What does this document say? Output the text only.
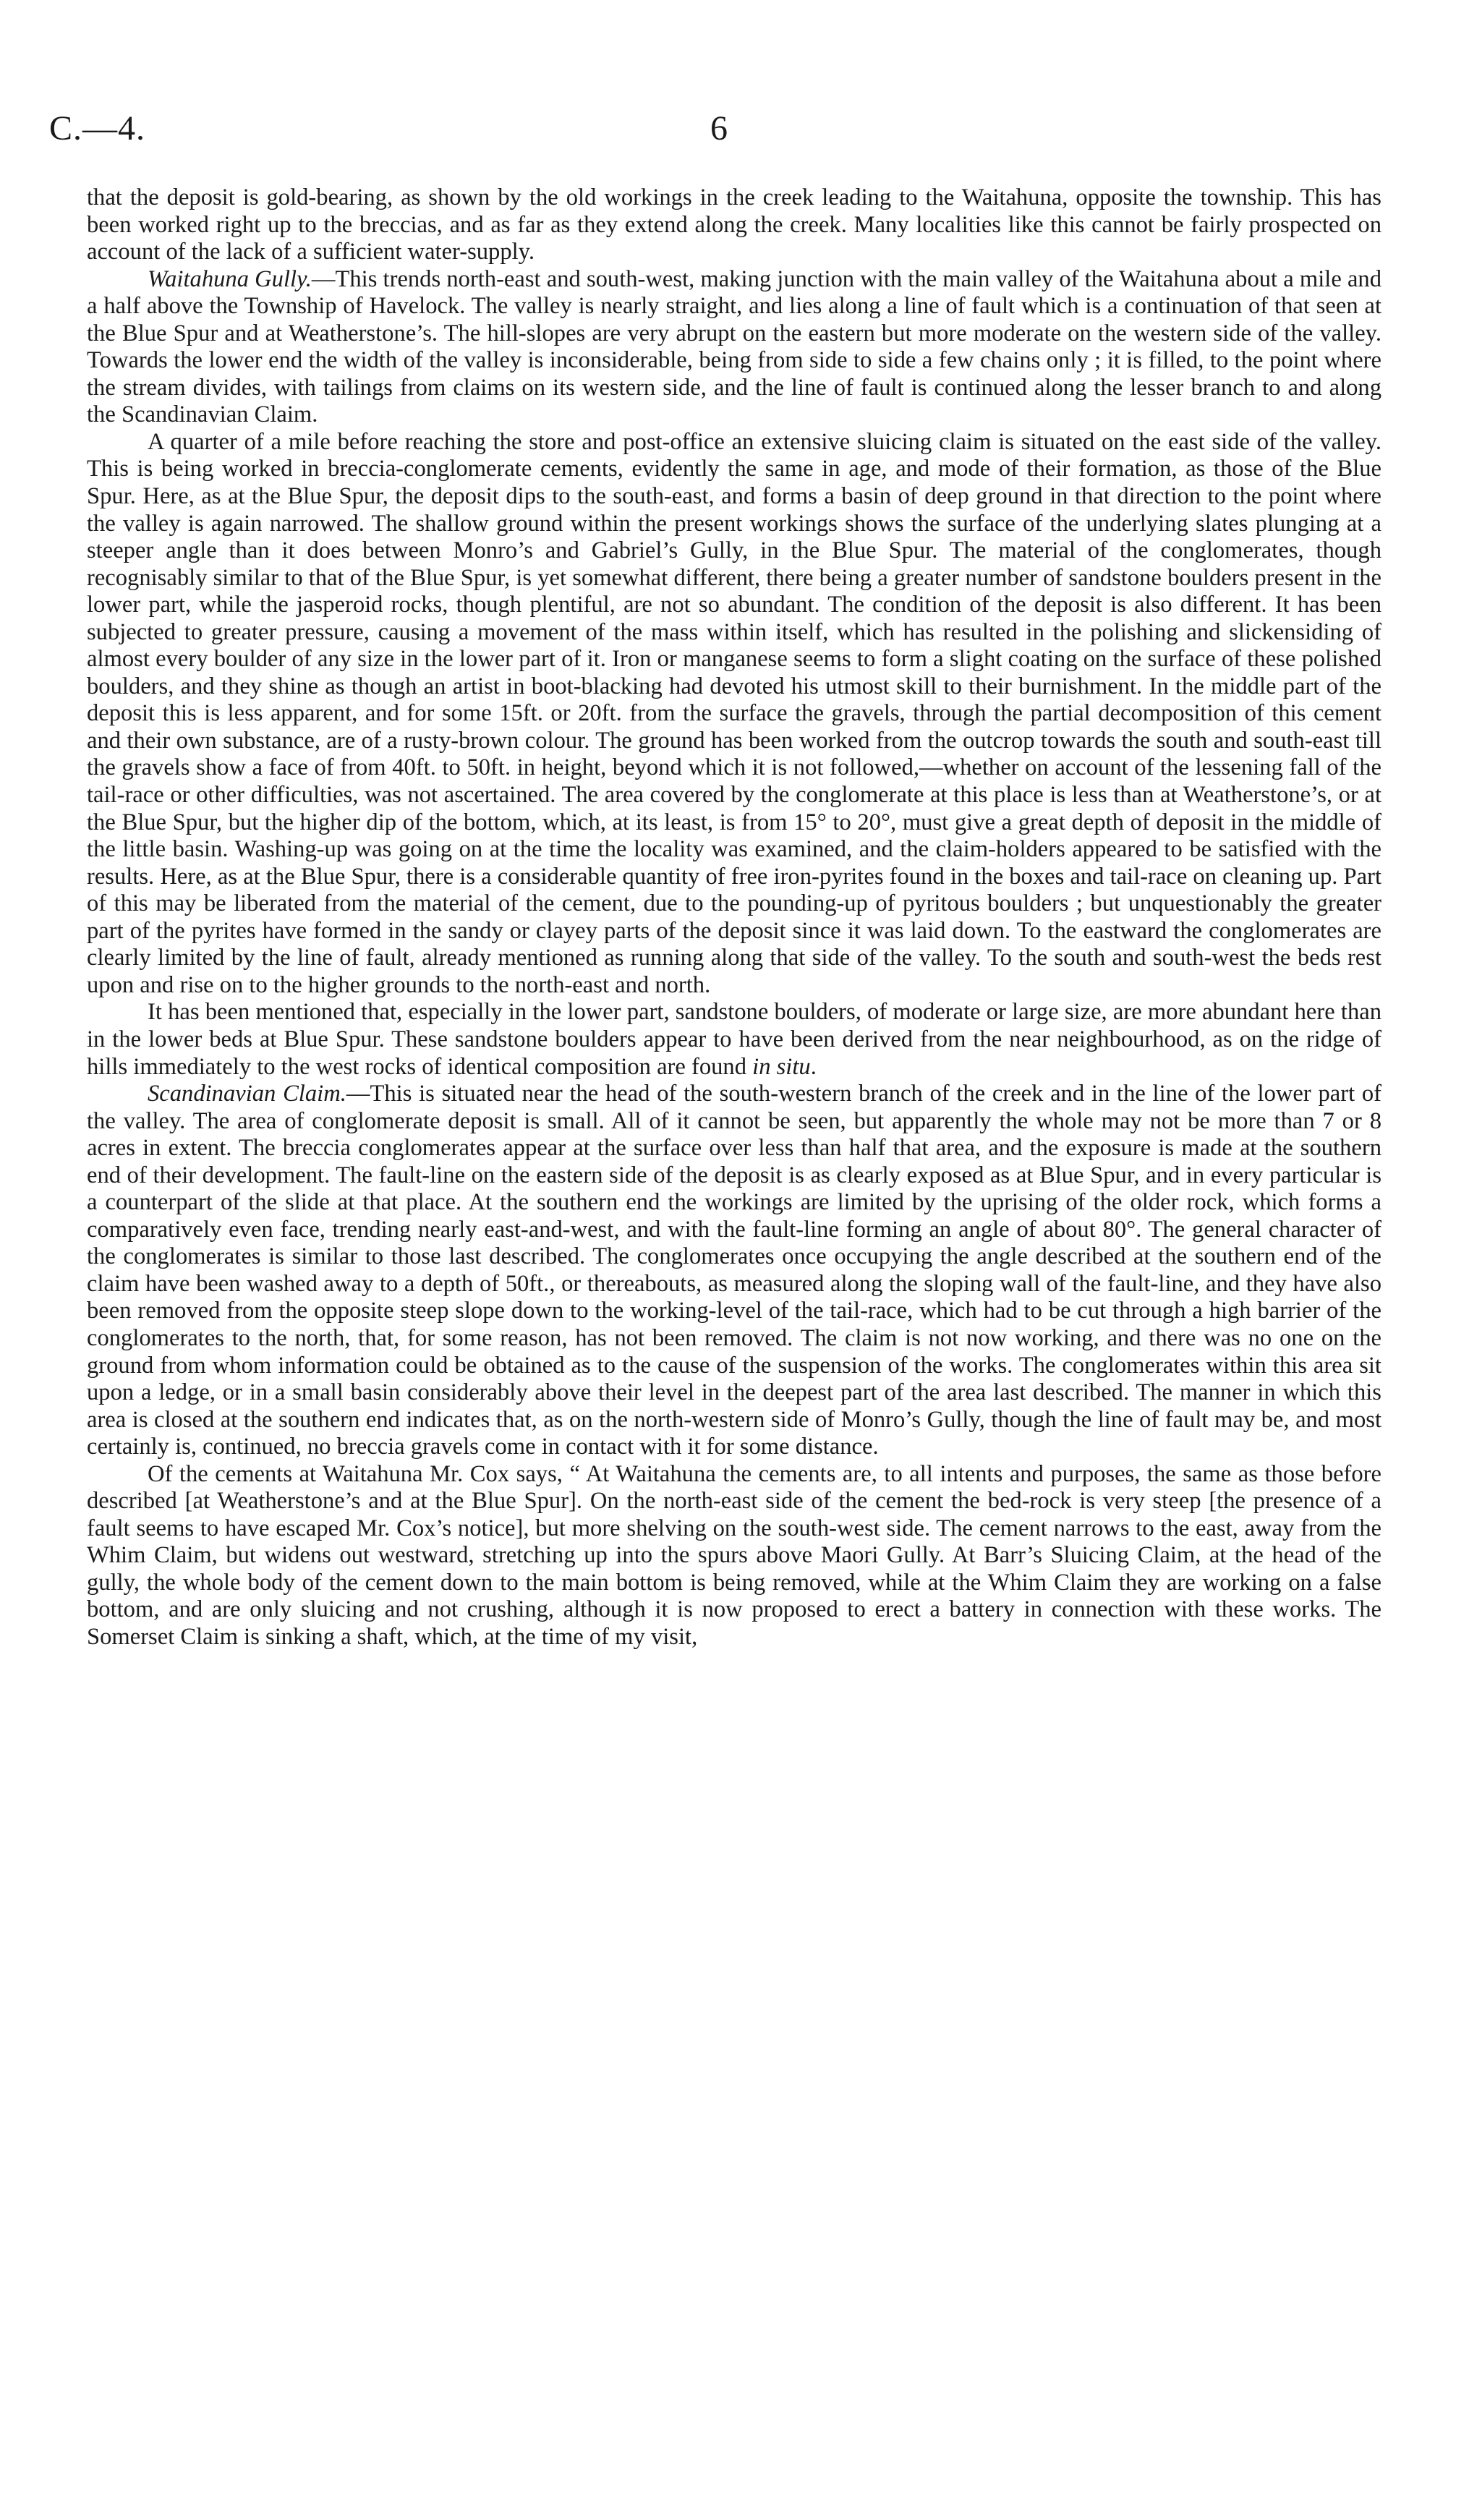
C.—4.	6

that the deposit is gold-bearing, as shown by the old workings in the creek leading to the Waitahuna, opposite the township. This has been worked right up to the breccias, and as far as they extend along the creek. Many localities like this cannot be fairly prospected on account of the lack of a sufficient water-supply.

Waitahuna Gully.—This trends north-east and south-west, making junction with the main valley of the Waitahuna about a mile and a half above the Township of Havelock. The valley is nearly straight, and lies along a line of fault which is a continuation of that seen at the Blue Spur and at Weatherstone’s. The hill-slopes are very abrupt on the eastern but more moderate on the western side of the valley. Towards the lower end the width of the valley is inconsiderable, being from side to side a few chains only ; it is filled, to the point where the stream divides, with tailings from claims on its western side, and the line of fault is continued along the lesser branch to and along the Scandinavian Claim.

A quarter of a mile before reaching the store and post-office an extensive sluicing claim is situated on the east side of the valley. This is being worked in breccia-conglomerate cements, evidently the same in age, and mode of their formation, as those of the Blue Spur. Here, as at the Blue Spur, the deposit dips to the south-east, and forms a basin of deep ground in that direction to the point where the valley is again narrowed. The shallow ground within the present workings shows the surface of the underlying slates plunging at a steeper angle than it does between Monro’s and Gabriel’s Gully, in the Blue Spur. The material of the conglomerates, though recognisably similar to that of the Blue Spur, is yet somewhat different, there being a greater number of sandstone boulders present in the lower part, while the jasperoid rocks, though plentiful, are not so abundant. The condition of the deposit is also different. It has been subjected to greater pressure, causing a movement of the mass within itself, which has resulted in the polishing and slickensiding of almost every boulder of any size in the lower part of it. Iron or manganese seems to form a slight coating on the surface of these polished boulders, and they shine as though an artist in boot-blacking had devoted his utmost skill to their burnishment. In the middle part of the deposit this is less apparent, and for some 15ft. or 20ft. from the surface the gravels, through the partial decomposition of this cement and their own substance, are of a rusty-brown colour. The ground has been worked from the outcrop towards the south and south-east till the gravels show a face of from 40ft. to 50ft. in height, beyond which it is not followed,—whether on account of the lessening fall of the tail-race or other difficulties, was not ascertained. The area covered by the conglomerate at this place is less than at Weatherstone’s, or at the Blue Spur, but the higher dip of the bottom, which, at its least, is from 15° to 20°, must give a great depth of deposit in the middle of the little basin. Washing-up was going on at the time the locality was examined, and the claim-holders appeared to be satisfied with the results. Here, as at the Blue Spur, there is a considerable quantity of free iron-pyrites found in the boxes and tail-race on cleaning up. Part of this may be liberated from the material of the cement, due to the pounding-up of pyritous boulders ; but unquestionably the greater part of the pyrites have formed in the sandy or clayey parts of the deposit since it was laid down. To the eastward the conglomerates are clearly limited by the line of fault, already mentioned as running along that side of the valley. To the south and south-west the beds rest upon and rise on to the higher grounds to the north-east and north.

It has been mentioned that, especially in the lower part, sandstone boulders, of moderate or large size, are more abundant here than in the lower beds at Blue Spur. These sandstone boulders appear to have been derived from the near neighbourhood, as on the ridge of hills immediately to the west rocks of identical composition are found in situ.

Scandinavian Claim.—This is situated near the head of the south-western branch of the creek and in the line of the lower part of the valley. The area of conglomerate deposit is small. All of it cannot be seen, but apparently the whole may not be more than 7 or 8 acres in extent. The breccia conglomerates appear at the surface over less than half that area, and the exposure is made at the southern end of their development. The fault-line on the eastern side of the deposit is as clearly exposed as at Blue Spur, and in every particular is a counterpart of the slide at that place. At the southern end the workings are limited by the uprising of the older rock, which forms a comparatively even face, trending nearly east-and-west, and with the fault-line forming an angle of about 80°. The general character of the conglomerates is similar to those last described. The conglomerates once occupying the angle described at the southern end of the claim have been washed away to a depth of 50ft., or thereabouts, as measured along the sloping wall of the fault-line, and they have also been removed from the opposite steep slope down to the working-level of the tail-race, which had to be cut through a high barrier of the conglomerates to the north, that, for some reason, has not been removed. The claim is not now working, and there was no one on the ground from whom information could be obtained as to the cause of the suspension of the works. The conglomerates within this area sit upon a ledge, or in a small basin considerably above their level in the deepest part of the area last described. The manner in which this area is closed at the southern end indicates that, as on the north-western side of Monro’s Gully, though the line of fault may be, and most certainly is, continued, no breccia gravels come in contact with it for some distance.

Of the cements at Waitahuna Mr. Cox says, “ At Waitahuna the cements are, to all intents and purposes, the same as those before described [at Weatherstone’s and at the Blue Spur]. On the north-east side of the cement the bed-rock is very steep [the presence of a fault seems to have escaped Mr. Cox’s notice], but more shelving on the south-west side. The cement narrows to the east, away from the Whim Claim, but widens out westward, stretching up into the spurs above Maori Gully. At Barr’s Sluicing Claim, at the head of the gully, the whole body of the cement down to the main bottom is being removed, while at the Whim Claim they are working on a false bottom, and are only sluicing and not crushing, although it is now proposed to erect a battery in connection with these works. The Somerset Claim is sinking a shaft, which, at the time of my visit,
